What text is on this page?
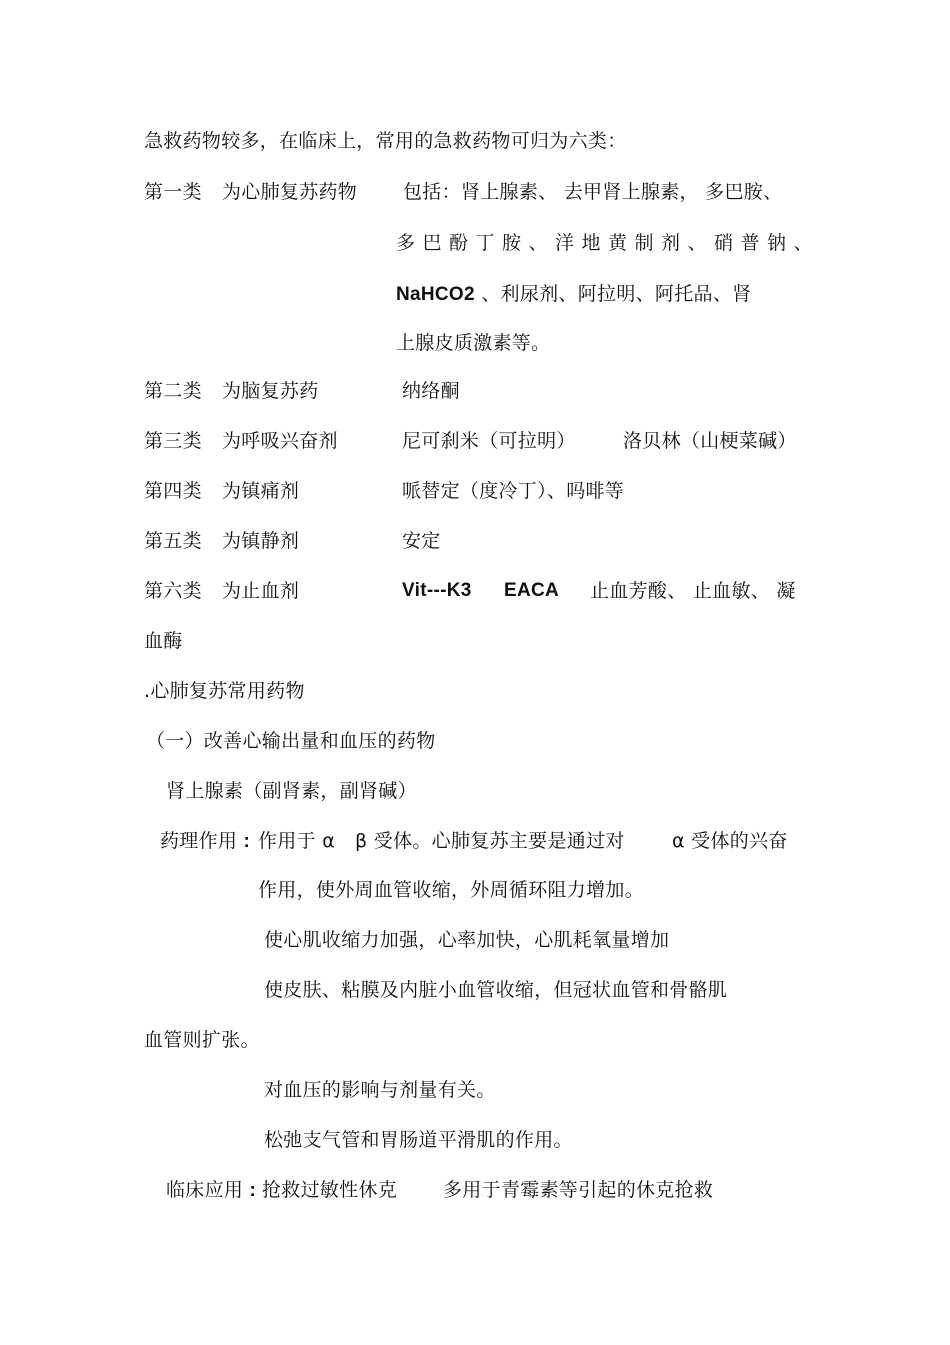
急救药物较多，在临床上，常用的急救药物可归为六类：
第一类 为心肺复苏药物 包括：肾上腺素、 去甲肾上腺素， 多巴胺、
多巴酚丁胺、洋地黄制剂、硝普钠、
NaHCO2 、利尿剂、阿拉明、阿托品、肾
上腺皮质激素等。
第二类 为脑复苏药	纳络酮
第三类 为呼吸兴奋剂	尼可刹米（可拉明） 洛贝林（山梗菜碱）
第四类 为镇痛剂	哌替定（度冷丁）、吗啡等
第五类 为镇静剂	安定
第六类 为止血剂	Vit---K3 EACA 止血芳酸、 止血敏、 凝
血酶
.心肺复苏常用药物
（一）改善心输出量和血压的药物
肾上腺素（副肾素，副肾碱）
药理作用 : 作用于 α β 受体。心肺复苏主要是通过对 α 受体的兴奋
作用，使外周血管收缩，外周循环阻力增加。
使心肌收缩力加强，心率加快，心肌耗氧量增加
使皮肤、粘膜及内脏小血管收缩，但冠状血管和骨骼肌
血管则扩张。
对血压的影响与剂量有关。
松弛支气管和胃肠道平滑肌的作用。
临床应用 : 抢救过敏性休克 多用于青霉素等引起的休克抢救
